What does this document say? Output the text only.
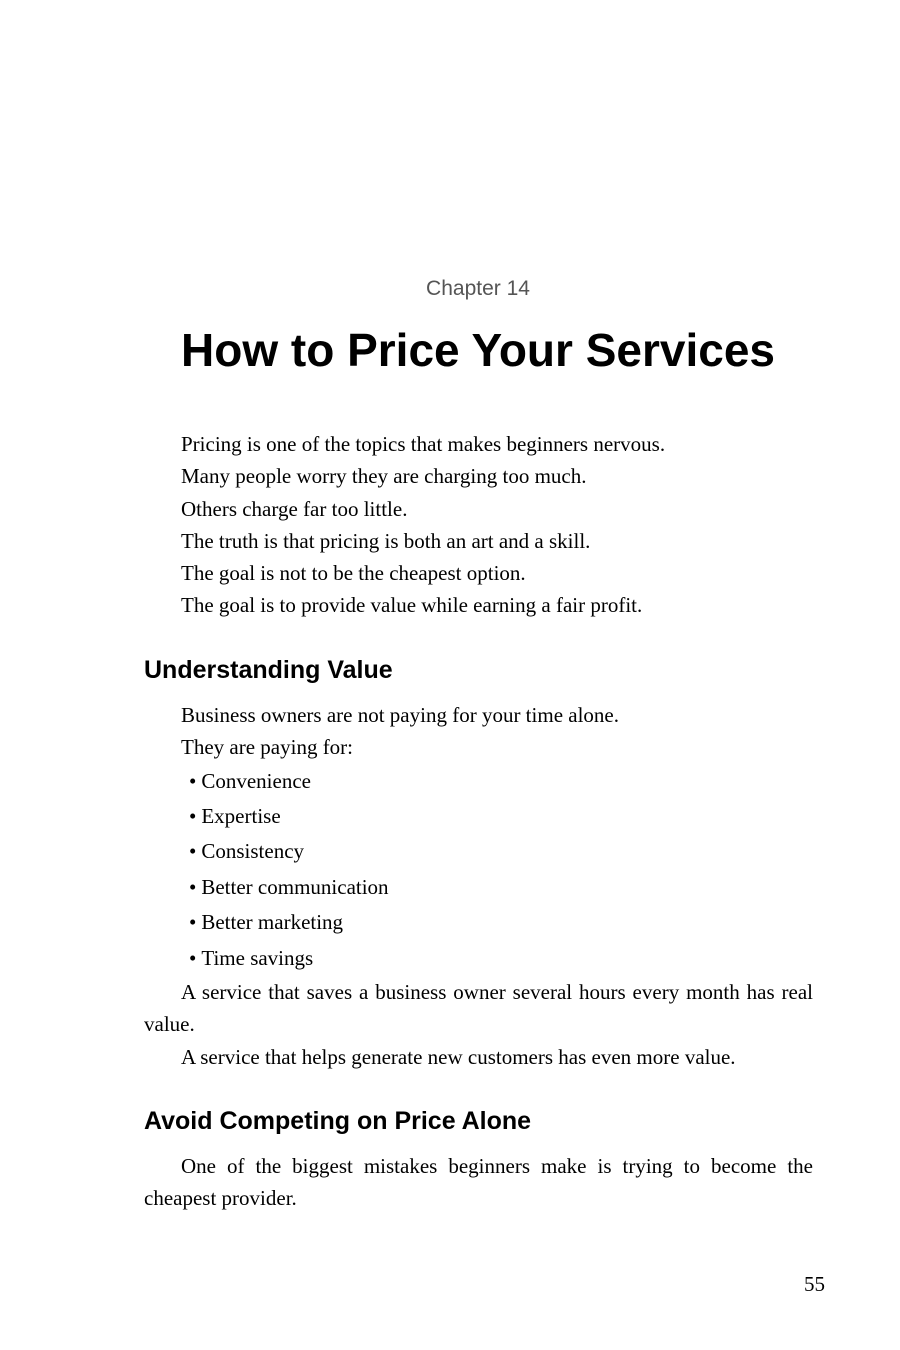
Chapter 14
How to Price Your Services
Pricing is one of the topics that makes beginners nervous.
Many people worry they are charging too much.
Others charge far too little.
The truth is that pricing is both an art and a skill.
The goal is not to be the cheapest option.
The goal is to provide value while earning a fair profit.
Understanding Value
Business owners are not paying for your time alone.
They are paying for:
• Convenience
• Expertise
• Consistency
• Better communication
• Better marketing
• Time savings

A service that saves a business owner several hours every month has real value.

A service that helps generate new customers has even more value.

Avoid Competing on Price Alone

One of the biggest mistakes beginners make is trying to become the cheapest provider.

55
